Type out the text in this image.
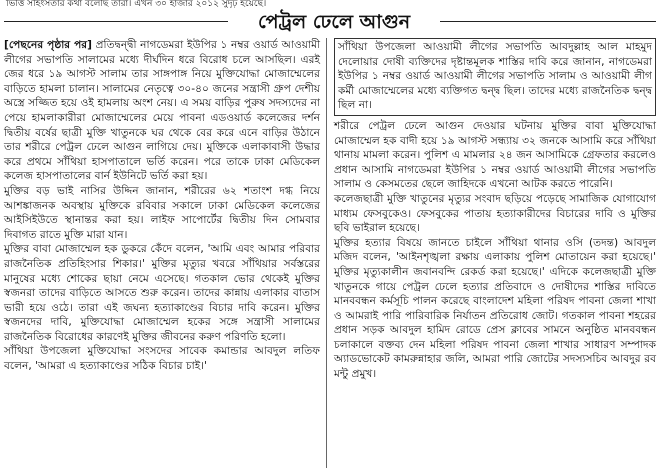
ভিত্তি সহিংসতার কথা বলেছি তারা। এখন ৩০ হাজার ২০১২ সুদৃঢ় হয়েছে।
পেট্রল ঢেলে আগুন

[পেছনের পৃষ্ঠার পর] প্রতিদ্বন্দ্বী নাগডেমরা ইউপির ১ নম্বর ওয়ার্ড আওয়ামী লীগের সভাপতি সালামের মধ্যে দীর্ঘদিন ধরে বিরোধ চলে আসছিল। এরই জের ধরে ১৯ আগস্ট সালাম তার সাঙ্গপাঙ্গ নিয়ে মুক্তিযোদ্ধা মোজাম্মেলের বাড়িতে হামলা চালান। সালামের নেতৃত্বে ৩০-৪০ জনের সন্ত্রাসী গ্রুপ দেশীয় অস্ত্রে সজ্জিত হয়ে ওই হামলায় অংশ নেয়। এ সময় বাড়ির পুরুষ সদস্যদের না পেয়ে হামলাকারীরা মোজাম্মেলের মেয়ে পাবনা এডওয়ার্ড কলেজের দর্শন দ্বিতীয় বর্ষের ছাত্রী মুক্তি খাতুনকে ঘর থেকে বের করে এনে বাড়ির উঠানে তার শরীরে পেট্রল ঢেলে আগুন লাগিয়ে দেয়। মুক্তিকে এলাকাবাসী উদ্ধার করে প্রথমে সাঁথিয়া হাসপাতালে ভর্তি করেন। পরে তাকে ঢাকা মেডিকেল কলেজ হাসপাতালের বার্ন ইউনিটে ভর্তি করা হয়।

মুক্তির বড় ভাই নাসির উদ্দিন জানান, শরীরের ৬২ শতাংশ দগ্ধ নিয়ে আশঙ্কাজনক অবস্থায় মুক্তিকে রবিবার সকালে ঢাকা মেডিকেল কলেজের আইসিইউতে স্থানান্তর করা হয়। লাইফ সাপোর্টের দ্বিতীয় দিন সোমবার দিবাগত রাতে মুক্তি মারা যান।

মুক্তির বাবা মোজাম্মেল হক ডুকরে কেঁদে বলেন, 'আমি এবং আমার পরিবার রাজনৈতিক প্রতিহিংসার শিকার।' মুক্তির মৃত্যুর খবরে সাঁথিয়ার সর্বস্তরের মানুষের মধ্যে শোকের ছায়া নেমে এসেছে। গতকাল ভোর থেকেই মুক্তির স্বজনরা তাদের বাড়িতে আসতে শুরু করেন। তাদের কান্নায় এলাকার বাতাস ভারী হয়ে ওঠে। তারা এই জঘন্য হত্যাকাণ্ডের বিচার দাবি করেন। মুক্তির স্বজনদের দাবি, মুক্তিযোদ্ধা মোজাম্মেল হকের সঙ্গে সন্ত্রাসী সালামের রাজনৈতিক বিরোধের কারণেই মুক্তির জীবনের করুণ পরিণতি হলো।

সাঁথিয়া উপজেলা মুক্তিযোদ্ধা সংসদের সাবেক কমান্ডার আবদুল লতিফ বলেন, 'আমরা এ হত্যাকাণ্ডের সঠিক বিচার চাই।'

সাঁথিয়া উপজেলা আওয়ামী লীগের সভাপতি আবদুল্লাহ আল মাহমুদ দেলোয়ার দোষী ব্যক্তিদের দৃষ্টান্তমূলক শাস্তির দাবি করে জানান, নাগডেমরা ইউপির ১ নম্বর ওয়ার্ড আওয়ামী লীগের সভাপতি সালাম ও আওয়ামী লীগ কর্মী মোজাম্মেলের মধ্যে ব্যক্তিগত দ্বন্দ্ব ছিল। তাদের মধ্যে রাজনৈতিক দ্বন্দ্ব ছিল না।

শরীরে পেট্রল ঢেলে আগুন দেওয়ার ঘটনায় মুক্তির বাবা মুক্তিযোদ্ধা মোজাম্মেল হক বাদী হয়ে ১৯ আগস্ট সন্ধ্যায় ৩২ জনকে আসামি করে সাঁথিয়া থানায় মামলা করেন। পুলিশ এ মামলার ২৪ জন আসামিকে গ্রেফতার করলেও প্রধান আসামি নাগডেমরা ইউপির ১ নম্বর ওয়ার্ড আওয়ামী লীগের সভাপতি সালাম ও কেসমতের ছেলে জাহিদকে এখনো আটক করতে পারেনি।

কলেজছাত্রী মুক্তি খাতুনের মৃত্যুর সংবাদ ছড়িয়ে পড়েছে সামাজিক যোগাযোগ মাধ্যম ফেসবুকেও। ফেসবুকের পাতায় হত্যাকারীদের বিচারের দাবি ও মুক্তির ছবি ভাইরাল হয়েছে।

মুক্তির হত্যার বিষয়ে জানতে চাইলে সাঁথিয়া থানার ওসি (তদন্ত) আবদুল মজিদ বলেন, 'আইনশৃঙ্খলা রক্ষায় এলাকায় পুলিশ মোতায়েন করা হয়েছে।' মুক্তির মৃত্যুকালীন জবানবন্দি রেকর্ড করা হয়েছে।' এদিকে কলেজছাত্রী মুক্তি খাতুনকে গায়ে পেট্রল ঢেলে হত্যার প্রতিবাদে ও দোষীদের শাস্তির দাবিতে মানববন্ধন কর্মসূচি পালন করেছে বাংলাদেশ মহিলা পরিষদ পাবনা জেলা শাখা ও আমরাই পারি পারিবারিক নির্যাতন প্রতিরোধ জোট। গতকাল পাবনা শহরের প্রধান সড়ক আবদুল হামিদ রোডে প্রেস ক্লাবের সামনে অনুষ্ঠিত মানববন্ধন চলাকালে বক্তব্য দেন মহিলা পরিষদ পাবনা জেলা শাখার সাধারণ সম্পাদক অ্যাডভোকেট কামরুন্নাহার জলি, আমরা পারি জোটের সদস্যসচিব আবদুর রব মন্টু প্রমুখ।
